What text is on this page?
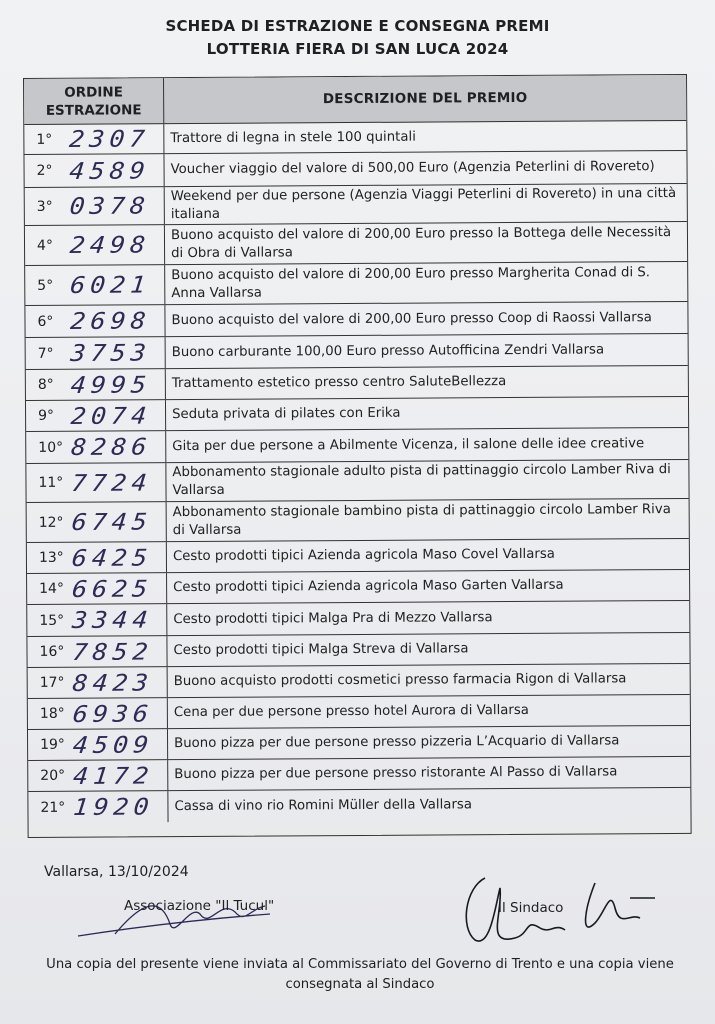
SCHEDA DI ESTRAZIONE E CONSEGNA PREMI
LOTTERIA FIERA DI SAN LUCA 2024
ORDINE
ESTRAZIONE
DESCRIZIONE DEL PREMIO
1° 2307 Trattore di legna in stele 100 quintali
2° 4589 Voucher viaggio del valore di 500,00 Euro (Agenzia Peterlini di Rovereto)
3° 0378 Weekend per due persone (Agenzia Viaggi Peterlini di Rovereto) in una città
italiana
4° 2498 Buono acquisto del valore di 200,00 Euro presso la Bottega delle Necessità
di Obra di Vallarsa
5° 6021 Buono acquisto del valore di 200,00 Euro presso Margherita Conad di S.
Anna Vallarsa
6° 2698 Buono acquisto del valore di 200,00 Euro presso Coop di Raossi Vallarsa
7° 3753 Buono carburante 100,00 Euro presso Autofficina Zendri Vallarsa
8° 4995 Trattamento estetico presso centro SaluteBellezza
9° 2074 Seduta privata di pilates con Erika
10° 8286 Gita per due persone a Abilmente Vicenza, il salone delle idee creative
11° 7724 Abbonamento stagionale adulto pista di pattinaggio circolo Lamber Riva di
Vallarsa
12° 6745 Abbonamento stagionale bambino pista di pattinaggio circolo Lamber Riva
di Vallarsa
13° 6425 Cesto prodotti tipici Azienda agricola Maso Covel Vallarsa
14° 6625 Cesto prodotti tipici Azienda agricola Maso Garten Vallarsa
15° 3344 Cesto prodotti tipici Malga Pra di Mezzo Vallarsa
16° 7852 Cesto prodotti tipici Malga Streva di Vallarsa
17° 8423 Buono acquisto prodotti cosmetici presso farmacia Rigon di Vallarsa
18° 6936 Cena per due persone presso hotel Aurora di Vallarsa
19° 4509 Buono pizza per due persone presso pizzeria L’Acquario di Vallarsa
20° 4172 Buono pizza per due persone presso ristorante Al Passo di Vallarsa
21° 1920 Cassa di vino rio Romini Müller della Vallarsa
Vallarsa, 13/10/2024
Associazione "Il Tucul"	Il Sindaco
Una copia del presente viene inviata al Commissariato del Governo di Trento e una copia viene
consegnata al Sindaco
